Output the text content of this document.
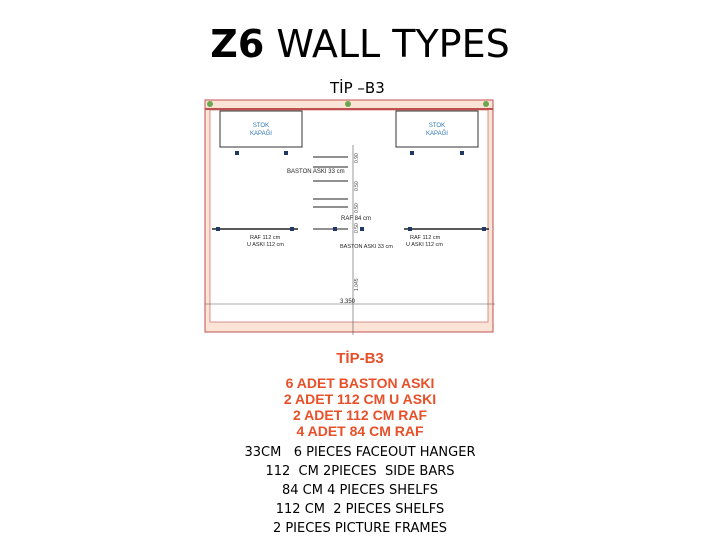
Z6 WALL TYPES
TİP –B3
STOK
KAPAĞI
STOK
KAPAĞI
0.90
0.50
0.50
0.50
1.045
BASTON ASKI 33 cm
RAF 84 cm
RAF 112 cm
U ASKI 112 cm
RAF 112 cm
U ASKI 112 cm
BASTON ASKI 33 cm
3.350
TİP-B3
6 ADET BASTON ASKI
2 ADET 112 CM U ASKI
2 ADET 112 CM RAF
4 ADET 84 CM RAF
33CM   6 PIECES FACEOUT HANGER
112  CM 2PIECES  SIDE BARS
84 CM 4 PIECES SHELFS
112 CM  2 PIECES SHELFS
2 PIECES PICTURE FRAMES
